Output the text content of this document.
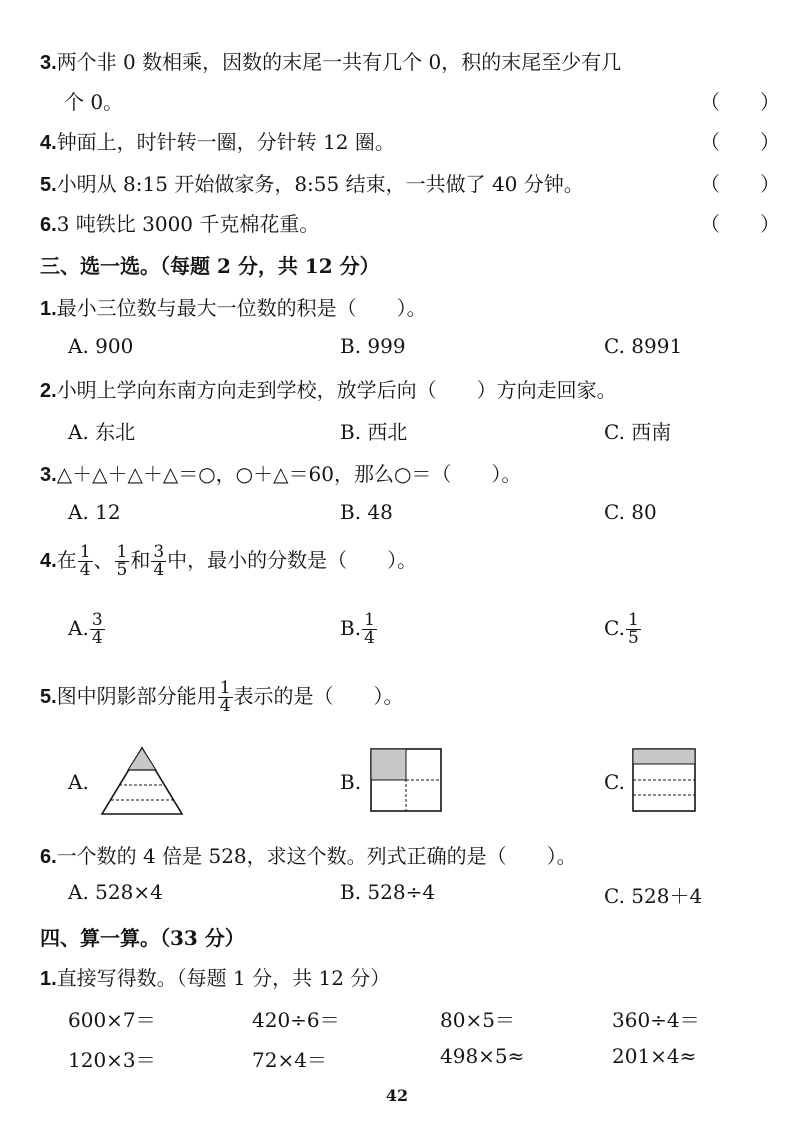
3.两个非 0 数相乘，因数的末尾一共有几个 0，积的末尾至少有几
个 0。	（　　）
4.钟面上，时针转一圈，分针转 12 圈。	（　　）
5.小明从 8:15 开始做家务，8:55 结束，一共做了 40 分钟。	（　　）
6.3 吨铁比 3000 千克棉花重。	（　　）
三、选一选。（每题 2 分，共 12 分）
1.最小三位数与最大一位数的积是（　　）。
A. 900	B. 999	C. 8991
2.小明上学向东南方向走到学校，放学后向（　　）方向走回家。
A. 东北	B. 西北	C. 西南
3.△＋△＋△＋△＝○，○＋△＝60，那么○＝（　　）。
A. 12	B. 48	C. 80
4.在 $\frac{1}{4}$ 、 $\frac{1}{5}$ 和 $\frac{3}{4}$ 中，最小的分数是（　　）。
A. $\frac{3}{4}$	B. $\frac{1}{4}$	C. $\frac{1}{5}$
5.图中阴影部分能用 $\frac{1}{4}$ 表示的是（　　）。
A.	B.	C.
6.一个数的 4 倍是 528，求这个数。列式正确的是（　　）。
A. 528×4	B. 528÷4	C. 528＋4
四、算一算。（33 分）
1.直接写得数。（每题 1 分，共 12 分）
600×7＝	420÷6＝	80×5＝	360÷4＝
120×3＝	72×4＝	498×5≈	201×4≈
42
